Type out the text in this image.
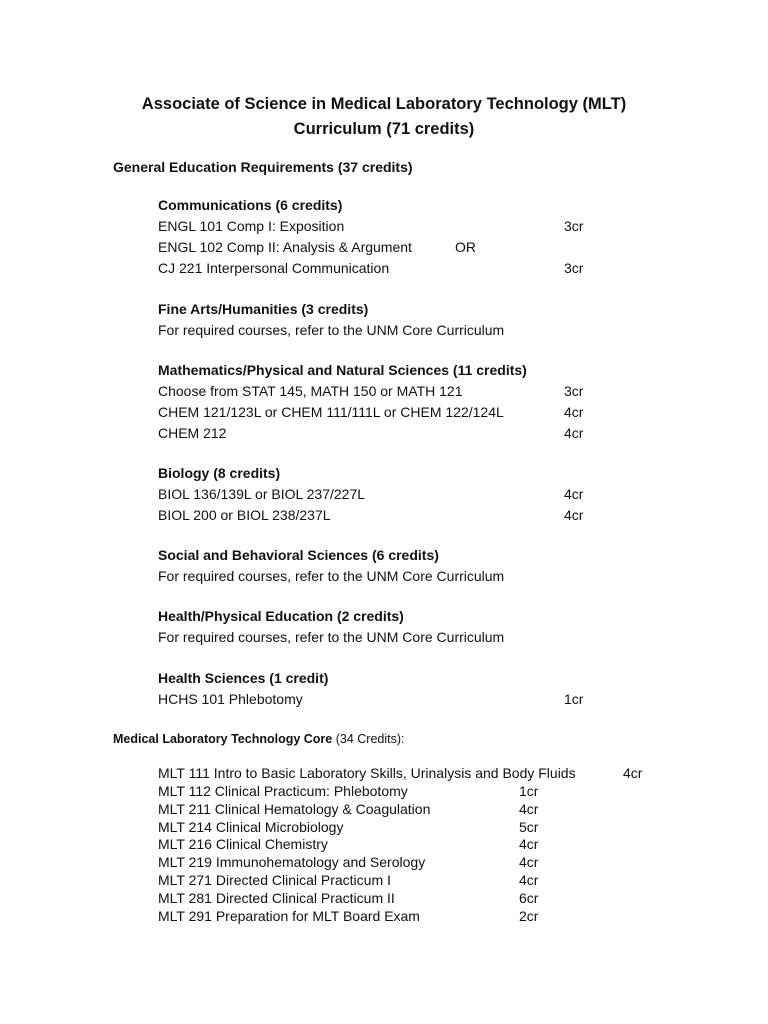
Associate of Science in Medical Laboratory Technology (MLT)
Curriculum (71 credits)
General Education Requirements (37 credits)
Communications (6 credits)
ENGL 101 Comp I: Exposition	3cr
ENGL 102 Comp II: Analysis & Argument	OR
CJ 221 Interpersonal Communication	3cr
Fine Arts/Humanities (3 credits)
For required courses, refer to the UNM Core Curriculum
Mathematics/Physical and Natural Sciences (11 credits)
Choose from STAT 145, MATH 150 or MATH 121	3cr
CHEM 121/123L or CHEM 111/111L or CHEM 122/124L	4cr
CHEM 212	4cr
Biology (8 credits)
BIOL 136/139L or BIOL 237/227L	4cr
BIOL 200 or BIOL 238/237L	4cr
Social and Behavioral Sciences (6 credits)
For required courses, refer to the UNM Core Curriculum
Health/Physical Education (2 credits)
For required courses, refer to the UNM Core Curriculum
Health Sciences (1 credit)
HCHS 101 Phlebotomy	1cr
Medical Laboratory Technology Core (34 Credits):
MLT 111 Intro to Basic Laboratory Skills, Urinalysis and Body Fluids	4cr
MLT 112 Clinical Practicum: Phlebotomy	1cr
MLT 211 Clinical Hematology & Coagulation	4cr
MLT 214 Clinical Microbiology	5cr
MLT 216 Clinical Chemistry	4cr
MLT 219 Immunohematology and Serology	4cr
MLT 271 Directed Clinical Practicum I	4cr
MLT 281 Directed Clinical Practicum II	6cr
MLT 291 Preparation for MLT Board Exam	2cr
